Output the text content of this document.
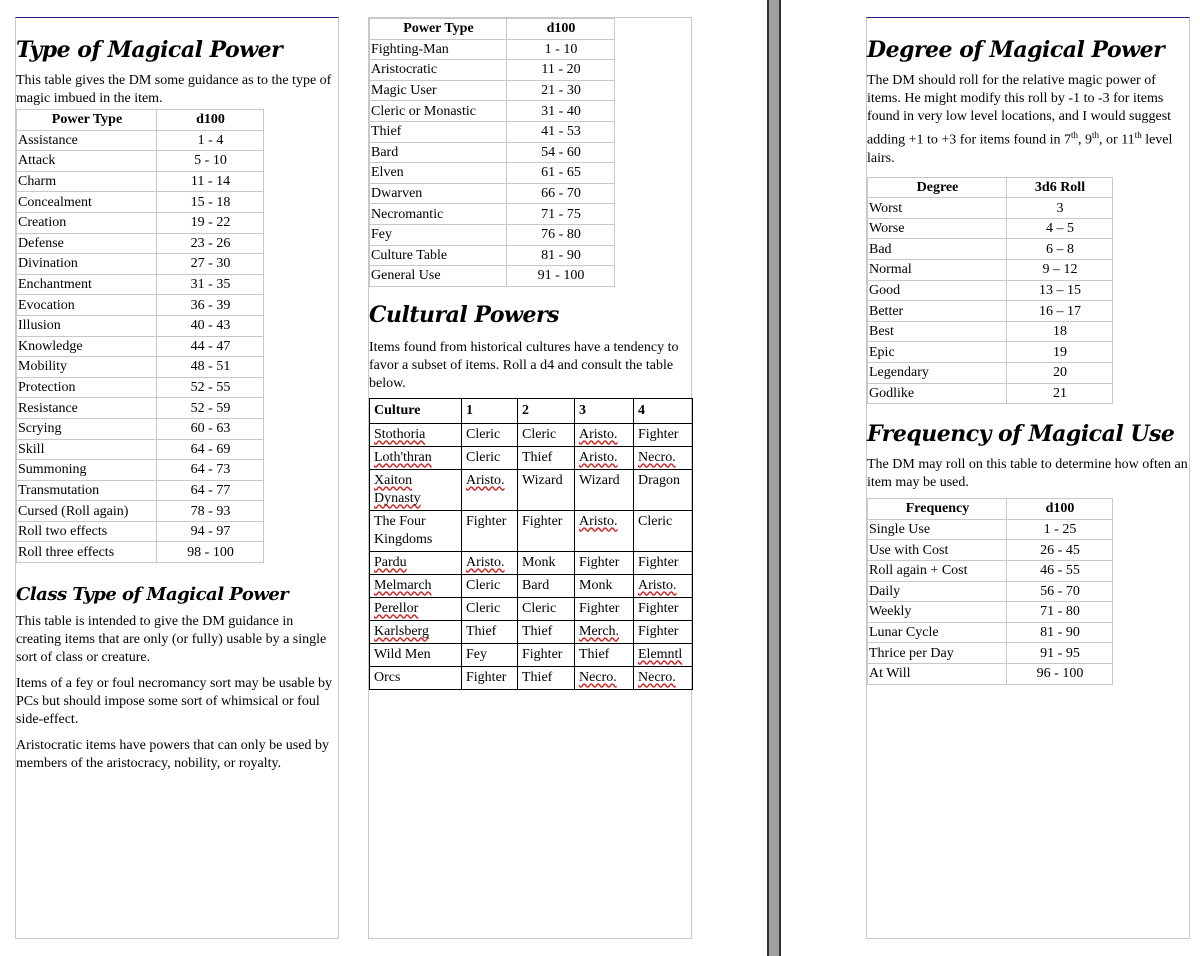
Type of Magical Power

This table gives the DM some guidance as to the type of magic imbued in the item.

Power Type	d100
Assistance	1 - 4
Attack	5 - 10
Charm	11 - 14
Concealment	15 - 18
Creation	19 - 22
Defense	23 - 26
Divination	27 - 30
Enchantment	31 - 35
Evocation	36 - 39
Illusion	40 - 43
Knowledge	44 - 47
Mobility	48 - 51
Protection	52 - 55
Resistance	52 - 59
Scrying	60 - 63
Skill	64 - 69
Summoning	64 - 73
Transmutation	64 - 77
Cursed (Roll again)	78 - 93
Roll two effects	94 - 97
Roll three effects	98 - 100
Class Type of Magical Power

This table is intended to give the DM guidance in creating items that are only (or fully) usable by a single sort of class or creature.

Items of a fey or foul necromancy sort may be usable by PCs but should impose some sort of whimsical or foul side-effect.

Aristocratic items have powers that can only be used by members of the aristocracy, nobility, or royalty.

Power Type	d100
Fighting-Man	1 - 10
Aristocratic	11 - 20
Magic User	21 - 30
Cleric or Monastic	31 - 40
Thief	41 - 53
Bard	54 - 60
Elven	61 - 65
Dwarven	66 - 70
Necromantic	71 - 75
Fey	76 - 80
Culture Table	81 - 90
General Use	91 - 100
Cultural Powers

Items found from historical cultures have a tendency to favor a subset of items. Roll a d4 and consult the table below.

Culture	1	2	3	4
Stothoria	Cleric	Cleric	Aristo.	Fighter
Loth'thran	Cleric	Thief	Aristo.	Necro.
Xaiton Dynasty	Aristo.	Wizard	Wizard	Dragon
The Four Kingdoms	Fighter	Fighter	Aristo.	Cleric
Pardu	Aristo.	Monk	Fighter	Fighter
Melmarch	Cleric	Bard	Monk	Aristo.
Perellor	Cleric	Cleric	Fighter	Fighter
Karlsberg	Thief	Thief	Merch.	Fighter
Wild Men	Fey	Fighter	Thief	Elemntl
Orcs	Fighter	Thief	Necro.	Necro.
Degree of Magical Power

The DM should roll for the relative magic power of items. He might modify this roll by -1 to -3 for items found in very low level locations, and I would suggest adding +1 to +3 for items found in 7th, 9th, or 11th level lairs.

Degree	3d6 Roll
Worst	3
Worse	4 – 5
Bad	6 – 8
Normal	9 – 12
Good	13 – 15
Better	16 – 17
Best	18
Epic	19
Legendary	20
Godlike	21
Frequency of Magical Use

The DM may roll on this table to determine how often an item may be used.

Frequency	d100
Single Use	1 - 25
Use with Cost	26 - 45
Roll again + Cost	46 - 55
Daily	56 - 70
Weekly	71 - 80
Lunar Cycle	81 - 90
Thrice per Day	91 - 95
At Will	96 - 100
